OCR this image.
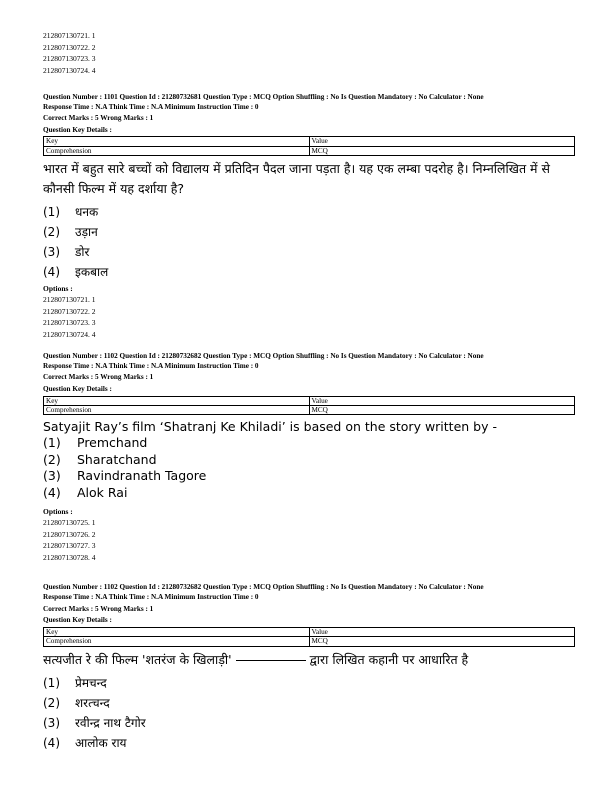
212807130721. 1
212807130722. 2
212807130723. 3
212807130724. 4
Question Number : 1101 Question Id : 21280732681 Question Type : MCQ Option Shuffling : No Is Question Mandatory : No Calculator : None
Response Time : N.A Think Time : N.A Minimum Instruction Time : 0
Correct Marks : 5 Wrong Marks : 1
Question Key Details :
Key	Value
Comprehension	MCQ
भारत में बहुत सारे बच्चों को विद्यालय में प्रतिदिन पैदल जाना पड़ता है। यह एक लम्बा पदरोह है। निम्नलिखित में से कौनसी फिल्म में यह दर्शाया है?
(1)	धनक
(2)	उड़ान
(3)	डोर
(4)	इकबाल
Options :
212807130721. 1
212807130722. 2
212807130723. 3
212807130724. 4
Question Number : 1102 Question Id : 21280732682 Question Type : MCQ Option Shuffling : No Is Question Mandatory : No Calculator : None
Response Time : N.A Think Time : N.A Minimum Instruction Time : 0
Correct Marks : 5 Wrong Marks : 1
Question Key Details :
Key	Value
Comprehension	MCQ
Satyajit Ray’s film ‘Shatranj Ke Khiladi’ is based on the story written by -
(1)	Premchand
(2)	Sharatchand
(3)	Ravindranath Tagore
(4)	Alok Rai
Options :
212807130725. 1
212807130726. 2
212807130727. 3
212807130728. 4
Question Number : 1102 Question Id : 21280732682 Question Type : MCQ Option Shuffling : No Is Question Mandatory : No Calculator : None
Response Time : N.A Think Time : N.A Minimum Instruction Time : 0
Correct Marks : 5 Wrong Marks : 1
Question Key Details :
Key	Value
Comprehension	MCQ
सत्यजीत रे की फिल्म 'शतरंज के खिलाड़ी'	द्वारा लिखित कहानी पर आधारित है
(1)	प्रेमचन्द
(2)	शरत्चन्द
(3)	रवीन्द्र नाथ टैगोर
(4)	आलोक राय
